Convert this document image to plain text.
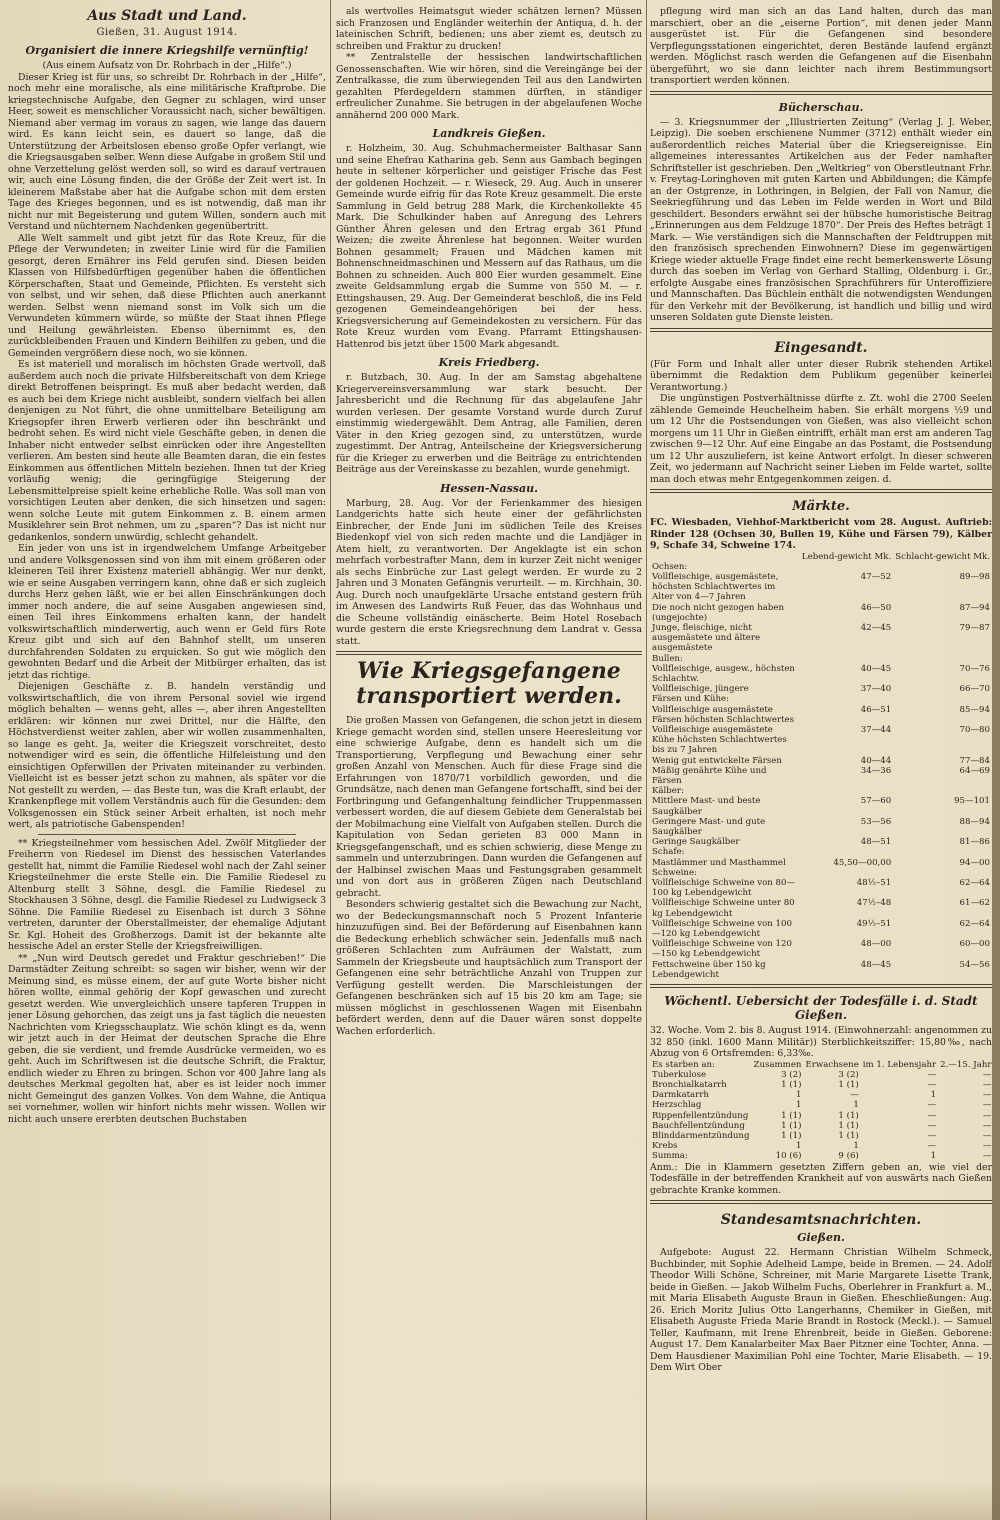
Aus Stadt und Land.
Gießen, 31. August 1914.
Organisiert die innere Kriegshilfe vernünftig!

(Aus einem Aufsatz von Dr. Rohrbach in der „Hilfe“.)

Dieser Krieg ist für uns, so schreibt Dr. Rohrbach in der „Hilfe“, noch mehr eine moralische, als eine militärische Kraftprobe. Die kriegstechnische Aufgabe, den Gegner zu schlagen, wird unser Heer, soweit es menschlicher Voraussicht nach, sicher bewältigen. Niemand aber vermag im voraus zu sagen, wie lange das dauern wird. Es kann leicht sein, es dauert so lange, daß die Unterstützung der Arbeitslosen ebenso große Opfer verlangt, wie die Kriegsausgaben selber. Wenn diese Aufgabe in großem Stil und ohne Verzettelung gelöst werden soll, so wird es darauf vertrauen wir, auch eine Lösung finden, die der Größe der Zeit wert ist. In kleinerem Maßstabe aber hat die Aufgabe schon mit dem ersten Tage des Krieges begonnen, und es ist notwendig, daß man ihr nicht nur mit Begeisterung und gutem Willen, sondern auch mit Verstand und nüchternem Nachdenken gegenübertritt.

Alle Welt sammelt und gibt jetzt für das Rote Kreuz, für die Pflege der Verwundeten; in zweiter Linie wird für die Familien gesorgt, deren Ernährer ins Feld gerufen sind. Diesen beiden Klassen von Hilfsbedürftigen gegenüber haben die öffentlichen Körperschaften, Staat und Gemeinde, Pflichten. Es versteht sich von selbst, und wir sehen, daß diese Pflichten auch anerkannt werden. Selbst wenn niemand sonst im Volk sich um die Verwundeten kümmern würde, so müßte der Staat ihnen Pflege und Heilung gewährleisten. Ebenso übernimmt es, den zurückbleibenden Frauen und Kindern Beihilfen zu geben, und die Gemeinden vergrößern diese noch, wo sie können.

Es ist materiell und moralisch im höchsten Grade wertvoll, daß außerdem auch noch die private Hilfsbereitschaft von dem Kriege direkt Betroffenen beispringt. Es muß aber bedacht werden, daß es auch bei dem Kriege nicht ausbleibt, sondern vielfach bei allen denjenigen zu Not führt, die ohne unmittelbare Beteiligung am Kriegsopfer ihren Erwerb verlieren oder ihn beschränkt und bedroht sehen. Es wird nicht viele Geschäfte geben, in denen die Inhaber nicht entweder selbst einrücken oder ihre Angestellten verlieren. Am besten sind heute alle Beamten daran, die ein festes Einkommen aus öffentlichen Mitteln beziehen. Ihnen tut der Krieg vorläufig wenig; die geringfügige Steigerung der Lebensmittelpreise spielt keine erhebliche Rolle. Was soll man von vorsichtigen Leuten aber denken, die sich hinsetzen und sagen: wenn solche Leute mit gutem Einkommen z. B. einem armen Musiklehrer sein Brot nehmen, um zu „sparen“? Das ist nicht nur gedankenlos, sondern unwürdig, schlecht gehandelt.

Ein jeder von uns ist in irgendwelchem Umfange Arbeitgeber und andere Volksgenossen sind von ihm mit einem größeren oder kleineren Teil ihrer Existenz materiell abhängig. Wer nur denkt, wie er seine Ausgaben verringern kann, ohne daß er sich zugleich durchs Herz gehen läßt, wie er bei allen Einschränkungen doch immer noch andere, die auf seine Ausgaben angewiesen sind, einen Teil ihres Einkommens erhalten kann, der handelt volkswirtschaftlich minderwertig, auch wenn er Geld fürs Rote Kreuz gibt und sich auf den Bahnhof stellt, um unseren durchfahrenden Soldaten zu erquicken. So gut wie möglich den gewohnten Bedarf und die Arbeit der Mitbürger erhalten, das ist jetzt das richtige.

Diejenigen Geschäfte z. B. handeln verständig und volkswirtschaftlich, die von ihrem Personal soviel wie irgend möglich behalten — wenns geht, alles —, aber ihren Angestellten erklären: wir können nur zwei Drittel, nur die Hälfte, den Höchstverdienst weiter zahlen, aber wir wollen zusammenhalten, so lange es geht. Ja, weiter die Kriegszeit vorschreitet, desto notwendiger wird es sein, die öffentliche Hilfeleistung und den einsichtigen Opferwillen der Privaten miteinander zu verbinden. Vielleicht ist es besser jetzt schon zu mahnen, als später vor die Not gestellt zu werden, — das Beste tun, was die Kraft erlaubt, der Krankenpflege mit vollem Verständnis auch für die Gesunden: dem Volksgenossen ein Stück seiner Arbeit erhalten, ist noch mehr wert, als patriotische Gabenspenden!

** Kriegsteilnehmer vom hessischen Adel. Zwölf Mitglieder der Freiherrn von Riedesel im Dienst des hessischen Vaterlandes gestellt hat, nimmt die Familie Riedesel wohl nach der Zahl seiner Kriegsteilnehmer die erste Stelle ein. Die Familie Riedesel zu Altenburg stellt 3 Söhne, desgl. die Familie Riedesel zu Stockhausen 3 Söhne, desgl. die Familie Riedesel zu Ludwigseck 3 Söhne. Die Familie Riedesel zu Eisenbach ist durch 3 Söhne vertreten, darunter der Oberstallmeister, der ehemalige Adjutant Sr. Kgl. Hoheit des Großherzogs. Damit ist der bekannte alte hessische Adel an erster Stelle der Kriegsfreiwilligen.

** „Nun wird Deutsch geredet und Fraktur geschrieben!“ Die Darmstädter Zeitung schreibt: so sagen wir bisher, wenn wir der Meinung sind, es müsse einem, der auf gute Worte bisher nicht hören wollte, einmal gehörig der Kopf gewaschen und zurecht gesetzt werden. Wie unvergleichlich unsere tapferen Truppen in jener Lösung gehorchen, das zeigt uns ja fast täglich die neuesten Nachrichten vom Kriegsschauplatz. Wie schön klingt es da, wenn wir jetzt auch in der Heimat der deutschen Sprache die Ehre geben, die sie verdient, und fremde Ausdrücke vermeiden, wo es geht. Auch im Schriftwesen ist die deutsche Schrift, die Fraktur, endlich wieder zu Ehren zu bringen. Schon vor 400 Jahre lang als deutsches Merkmal gegolten hat, aber es ist leider noch immer nicht Gemeingut des ganzen Volkes. Von dem Wahne, die Antiqua sei vornehmer, wollen wir hinfort nichts mehr wissen. Wollen wir nicht auch unsere ererbten deutschen Buchstaben

als wertvolles Heimatsgut wieder schätzen lernen? Müssen sich Franzosen und Engländer weiterhin der Antiqua, d. h. der lateinischen Schrift, bedienen; uns aber ziemt es, deutsch zu schreiben und Fraktur zu drucken!

** Zentralstelle der hessischen landwirtschaftlichen Genossenschaften. Wie wir hören, sind die Vereingänge bei der Zentralkasse, die zum überwiegenden Teil aus den Landwirten gezahlten Pferdegeldern stammen dürften, in ständiger erfreulicher Zunahme. Sie betrugen in der abgelaufenen Woche annähernd 200 000 Mark.

Landkreis Gießen.

r. Holzheim, 30. Aug. Schuhmachermeister Balthasar Sann und seine Ehefrau Katharina geb. Senn aus Gambach begingen heute in seltener körperlicher und geistiger Frische das Fest der goldenen Hochzeit. — r. Wieseck, 29. Aug. Auch in unserer Gemeinde wurde eifrig für das Rote Kreuz gesammelt. Die erste Sammlung in Geld betrug 288 Mark, die Kirchenkollekte 45 Mark. Die Schulkinder haben auf Anregung des Lehrers Günther Ähren gelesen und den Ertrag ergab 361 Pfund Weizen; die zweite Ährenlese hat begonnen. Weiter wurden Bohnen gesammelt; Frauen und Mädchen kamen mit Bohnenschneidmaschinen und Messern auf das Rathaus, um die Bohnen zu schneiden. Auch 800 Eier wurden gesammelt. Eine zweite Geldsammlung ergab die Summe von 550 M. — r. Ettingshausen, 29. Aug. Der Gemeinderat beschloß, die ins Feld gezogenen Gemeindeangehörigen bei der hess. Kriegsversicherung auf Gemeindekosten zu versichern. Für das Rote Kreuz wurden vom Evang. Pfarramt Ettingshausen-Hattenrod bis jetzt über 1500 Mark abgesandt.

Kreis Friedberg.

r. Butzbach, 30. Aug. In der am Samstag abgehaltene Kriegervereinsversammlung war stark besucht. Der Jahresbericht und die Rechnung für das abgelaufene Jahr wurden verlesen. Der gesamte Vorstand wurde durch Zuruf einstimmig wiedergewählt. Dem Antrag, alle Familien, deren Väter in den Krieg gezogen sind, zu unterstützen, wurde zugestimmt. Der Antrag, Anteilscheine der Kriegsversicherung für die Krieger zu erwerben und die Beiträge zu entrichtenden Beiträge aus der Vereinskasse zu bezahlen, wurde genehmigt.

Hessen-Nassau.

Marburg, 28. Aug. Vor der Ferienkammer des hiesigen Landgerichts hatte sich heute einer der gefährlichsten Einbrecher, der Ende Juni im südlichen Teile des Kreises Biedenkopf viel von sich reden machte und die Landjäger in Atem hielt, zu verantworten. Der Angeklagte ist ein schon mehrfach vorbestrafter Mann, dem in kurzer Zeit nicht weniger als sechs Einbrüche zur Last gelegt werden. Er wurde zu 2 Jahren und 3 Monaten Gefängnis verurteilt. — m. Kirchhain, 30. Aug. Durch noch unaufgeklärte Ursache entstand gestern früh im Anwesen des Landwirts Ruß Feuer, das das Wohnhaus und die Scheune vollständig einäscherte. Beim Hotel Rosebach wurde gestern die erste Kriegsrechnung dem Landrat v. Gessa statt.

Wie Kriegsgefangene transportiert werden.

Die großen Massen von Gefangenen, die schon jetzt in diesem Kriege gemacht worden sind, stellen unsere Heeresleitung vor eine schwierige Aufgabe, denn es handelt sich um die Transportierung, Verpflegung und Bewachung einer sehr großen Anzahl von Menschen. Auch für diese Frage sind die Erfahrungen von 1870/71 vorbildlich geworden, und die Grundsätze, nach denen man Gefangene fortschafft, sind bei der Fortbringung und Gefangenhaltung feindlicher Truppenmassen verbessert worden, die auf diesem Gebiete dem Generalstab bei der Mobilmachung eine Vielfalt von Aufgaben stellen. Durch die Kapitulation von Sedan gerieten 83 000 Mann in Kriegsgefangenschaft, und es schien schwierig, diese Menge zu sammeln und unterzubringen. Dann wurden die Gefangenen auf der Halbinsel zwischen Maas und Festungsgraben gesammelt und von dort aus in größeren Zügen nach Deutschland gebracht.

Besonders schwierig gestaltet sich die Bewachung zur Nacht, wo der Bedeckungsmannschaft noch 5 Prozent Infanterie hinzuzufügen sind. Bei der Beförderung auf Eisenbahnen kann die Bedeckung erheblich schwächer sein. Jedenfalls muß nach größeren Schlachten zum Aufräumen der Walstatt, zum Sammeln der Kriegsbeute und hauptsächlich zum Transport der Gefangenen eine sehr beträchtliche Anzahl von Truppen zur Verfügung gestellt werden. Die Marschleistungen der Gefangenen beschränken sich auf 15 bis 20 km am Tage; sie müssen möglichst in geschlossenen Wagen mit Eisenbahn befördert werden, denn auf die Dauer wären sonst doppelte Wachen erforderlich.

pflegung wird man sich an das Land halten, durch das man marschiert, ober an die „eiserne Portion“, mit denen jeder Mann ausgerüstet ist. Für die Gefangenen sind besondere Verpflegungsstationen eingerichtet, deren Bestände laufend ergänzt werden. Möglichst rasch werden die Gefangenen auf die Eisenbahn übergeführt, wo sie dann leichter nach ihrem Bestimmungsort transportiert werden können.

Bücherschau.

— 3. Kriegsnummer der „Illustrierten Zeitung“ (Verlag J. J. Weber, Leipzig). Die soeben erschienene Nummer (3712) enthält wieder ein außerordentlich reiches Material über die Kriegsereignisse. Ein allgemeines interessantes Artikelchen aus der Feder namhafter Schriftsteller ist geschrieben. Den „Weltkrieg“ von Oberstleutnant Frhr. v. Freytag-Loringhoven mit guten Karten und Abbildungen; die Kämpfe an der Ostgrenze, in Lothringen, in Belgien, der Fall von Namur, die Seekriegführung und das Leben im Felde werden in Wort und Bild geschildert. Besonders erwähnt sei der hübsche humoristische Beitrag „Erinnerungen aus dem Feldzuge 1870“. Der Preis des Heftes beträgt 1 Mark. — Wie verständigen sich die Mannschaften der Feldtruppen mit den französisch sprechenden Einwohnern? Diese im gegenwärtigen Kriege wieder aktuelle Frage findet eine recht bemerkenswerte Lösung durch das soeben im Verlag von Gerhard Stalling, Oldenburg i. Gr., erfolgte Ausgabe eines französischen Sprachführers für Unteroffiziere und Mannschaften. Das Büchlein enthält die notwendigsten Wendungen für den Verkehr mit der Bevölkerung, ist handlich und billig und wird unseren Soldaten gute Dienste leisten.

Eingesandt.

(Für Form und Inhalt aller unter dieser Rubrik stehenden Artikel übernimmt die Redaktion dem Publikum gegenüber keinerlei Verantwortung.)

Die ungünstigen Postverhältnisse dürfte z. Zt. wohl die 2700 Seelen zählende Gemeinde Heuchelheim haben. Sie erhält morgens ½9 und um 12 Uhr die Postsendungen von Gießen, was also vielleicht schon morgens um 11 Uhr in Gießen eintrifft, erhält man erst am anderen Tag zwischen 9—12 Uhr. Auf eine Eingabe an das Postamt, die Postsendung um 12 Uhr auszuliefern, ist keine Antwort erfolgt. In dieser schweren Zeit, wo jedermann auf Nachricht seiner Lieben im Felde wartet, sollte man doch etwas mehr Entgegenkommen zeigen. d.

Märkte.

FC. Wiesbaden, Viehhof-Marktbericht vom 28. August. Auftrieb: Rinder 128 (Ochsen 30, Bullen 19, Kühe und Färsen 79), Kälber 9, Schafe 34, Schweine 174.

	Lebend-gewicht Mk.	Schlacht-gewicht Mk.
Ochsen:		
Vollfleischige, ausgemästete, höchsten Schlachtwertes im Alter von 4—7 Jahren	47—52	89—98
Die noch nicht gezogen haben (ungejochte)	46—50	87—94
Junge, fleischige, nicht ausgemästete und ältere ausgemästete	42—45	79—87
Bullen:		
Vollfleischige, ausgew., höchsten Schlachtw.	40—45	70—76
Vollfleischige, jüngere	37—40	66—70
Färsen und Kühe:		
Vollfleischige ausgemästete Färsen höchsten Schlachtwertes	46—51	85—94
Vollfleischige ausgemästete Kühe höchsten Schlachtwertes bis zu 7 Jahren	37—44	70—80
Wenig gut entwickelte Färsen	40—44	77—84
Mäßig genährte Kühe und Färsen	34—36	64—69
Kälber:		
Mittlere Mast- und beste Saugkälber	57—60	95—101
Geringere Mast- und gute Saugkälber	53—56	88—94
Geringe Saugkälber	48—51	81—86
Schafe:		
Mastlämmer und Masthammel	45,50—00,00	94—00
Schweine:		
Vollfleischige Schweine von 80—100 kg Lebendgewicht	48½–51	62—64
Vollfleischige Schweine unter 80 kg Lebendgewicht	47½–48	61—62
Vollfleischige Schweine von 100—120 kg Lebendgewicht	49½–51	62—64
Vollfleischige Schweine von 120—150 kg Lebendgewicht	48—00	60—00
Fettschweine über 150 kg Lebendgewicht	48—45	54—56
Wöchentl. Uebersicht der Todesfälle i. d. Stadt Gießen.

32. Woche. Vom 2. bis 8. August 1914. (Einwohnerzahl: angenommen zu 32 850 (inkl. 1600 Mann Militär)) Sterblichkeitsziffer: 15,80‰, nach Abzug von 6 Ortsfremden: 6,33‰.

Es starben an:	Zusammen	Erwachsene	im 1. Lebensjahr	2.—15. Jahr
Tuberkulose	3 (2)	3 (2)	—	—
Bronchialkatarrh	1 (1)	1 (1)	—	—
Darmkatarrh	1	—	1	—
Herzschlag	1	1	—	—
Rippenfellentzündung	1 (1)	1 (1)	—	—
Bauchfellentzündung	1 (1)	1 (1)	—	—
Blinddarmentzündung	1 (1)	1 (1)	—	—
Krebs	1	1	—	—
Summa:	10 (6)	9 (6)	1	—

Anm.: Die in Klammern gesetzten Ziffern geben an, wie viel der Todesfälle in der betreffenden Krankheit auf von auswärts nach Gießen gebrachte Kranke kommen.

Standesamtsnachrichten.
Gießen.

Aufgebote: August 22. Hermann Christian Wilhelm Schmeck, Buchbinder, mit Sophie Adelheid Lampe, beide in Bremen. — 24. Adolf Theodor Willi Schöne, Schreiner, mit Marie Margarete Lisette Trank, beide in Gießen. — Jakob Wilhelm Fuchs, Oberlehrer in Frankfurt a. M., mit Maria Elisabeth Auguste Braun in Gießen. Eheschließungen: Aug. 26. Erich Moritz Julius Otto Langerhanns, Chemiker in Gießen, mit Elisabeth Auguste Frieda Marie Brandt in Rostock (Meckl.). — Samuel Teller, Kaufmann, mit Irene Ehrenbreit, beide in Gießen. Geborene: August 17. Dem Kanalarbeiter Max Baer Pitzner eine Tochter, Anna. — Dem Hausdiener Maximilian Pohl eine Tochter, Marie Elisabeth. — 19. Dem Wirt Ober
